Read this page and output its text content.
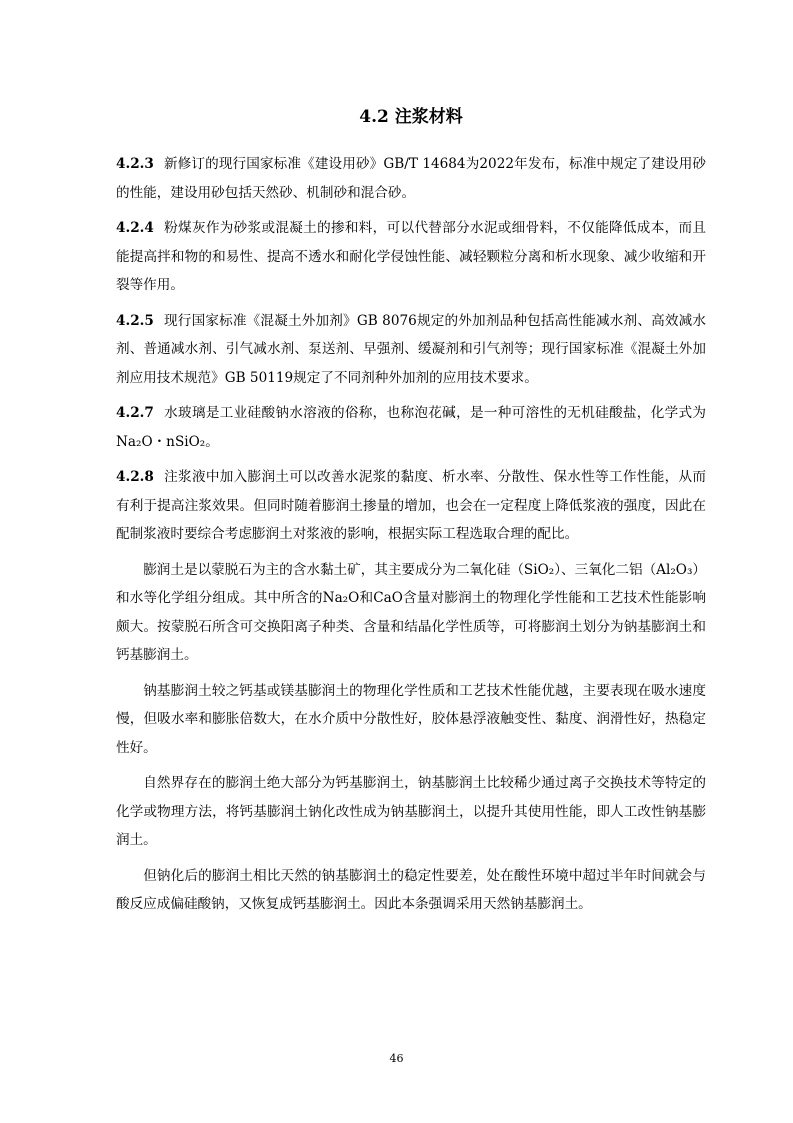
4.2 注浆材料

4.2.3 新修订的现行国家标准《建设用砂》GB/T 14684为2022年发布，标准中规定了建设用砂的性能，建设用砂包括天然砂、机制砂和混合砂。

4.2.4 粉煤灰作为砂浆或混凝土的掺和料，可以代替部分水泥或细骨料，不仅能降低成本，而且能提高拌和物的和易性、提高不透水和耐化学侵蚀性能、减轻颗粒分离和析水现象、减少收缩和开裂等作用。

4.2.5 现行国家标准《混凝土外加剂》GB 8076规定的外加剂品种包括高性能减水剂、高效减水剂、普通减水剂、引气减水剂、泵送剂、早强剂、缓凝剂和引气剂等；现行国家标准《混凝土外加剂应用技术规范》GB 50119规定了不同剂种外加剂的应用技术要求。

4.2.7 水玻璃是工业硅酸钠水溶液的俗称，也称泡花碱，是一种可溶性的无机硅酸盐，化学式为Na₂O・nSiO₂。

4.2.8 注浆液中加入膨润土可以改善水泥浆的黏度、析水率、分散性、保水性等工作性能，从而有利于提高注浆效果。但同时随着膨润土掺量的增加，也会在一定程度上降低浆液的强度，因此在配制浆液时要综合考虑膨润土对浆液的影响，根据实际工程选取合理的配比。

膨润土是以蒙脱石为主的含水黏土矿，其主要成分为二氧化硅（SiO₂）、三氧化二铝（Al₂O₃）和水等化学组分组成。其中所含的Na₂O和CaO含量对膨润土的物理化学性能和工艺技术性能影响颇大。按蒙脱石所含可交换阳离子种类、含量和结晶化学性质等，可将膨润土划分为钠基膨润土和钙基膨润土。

钠基膨润土较之钙基或镁基膨润土的物理化学性质和工艺技术性能优越，主要表现在吸水速度慢，但吸水率和膨胀倍数大，在水介质中分散性好，胶体悬浮液触变性、黏度、润滑性好，热稳定性好。

自然界存在的膨润土绝大部分为钙基膨润土，钠基膨润土比较稀少通过离子交换技术等特定的化学或物理方法，将钙基膨润土钠化改性成为钠基膨润土，以提升其使用性能，即人工改性钠基膨润土。

但钠化后的膨润土相比天然的钠基膨润土的稳定性要差，处在酸性环境中超过半年时间就会与酸反应成偏硅酸钠，又恢复成钙基膨润土。因此本条强调采用天然钠基膨润土。

46
